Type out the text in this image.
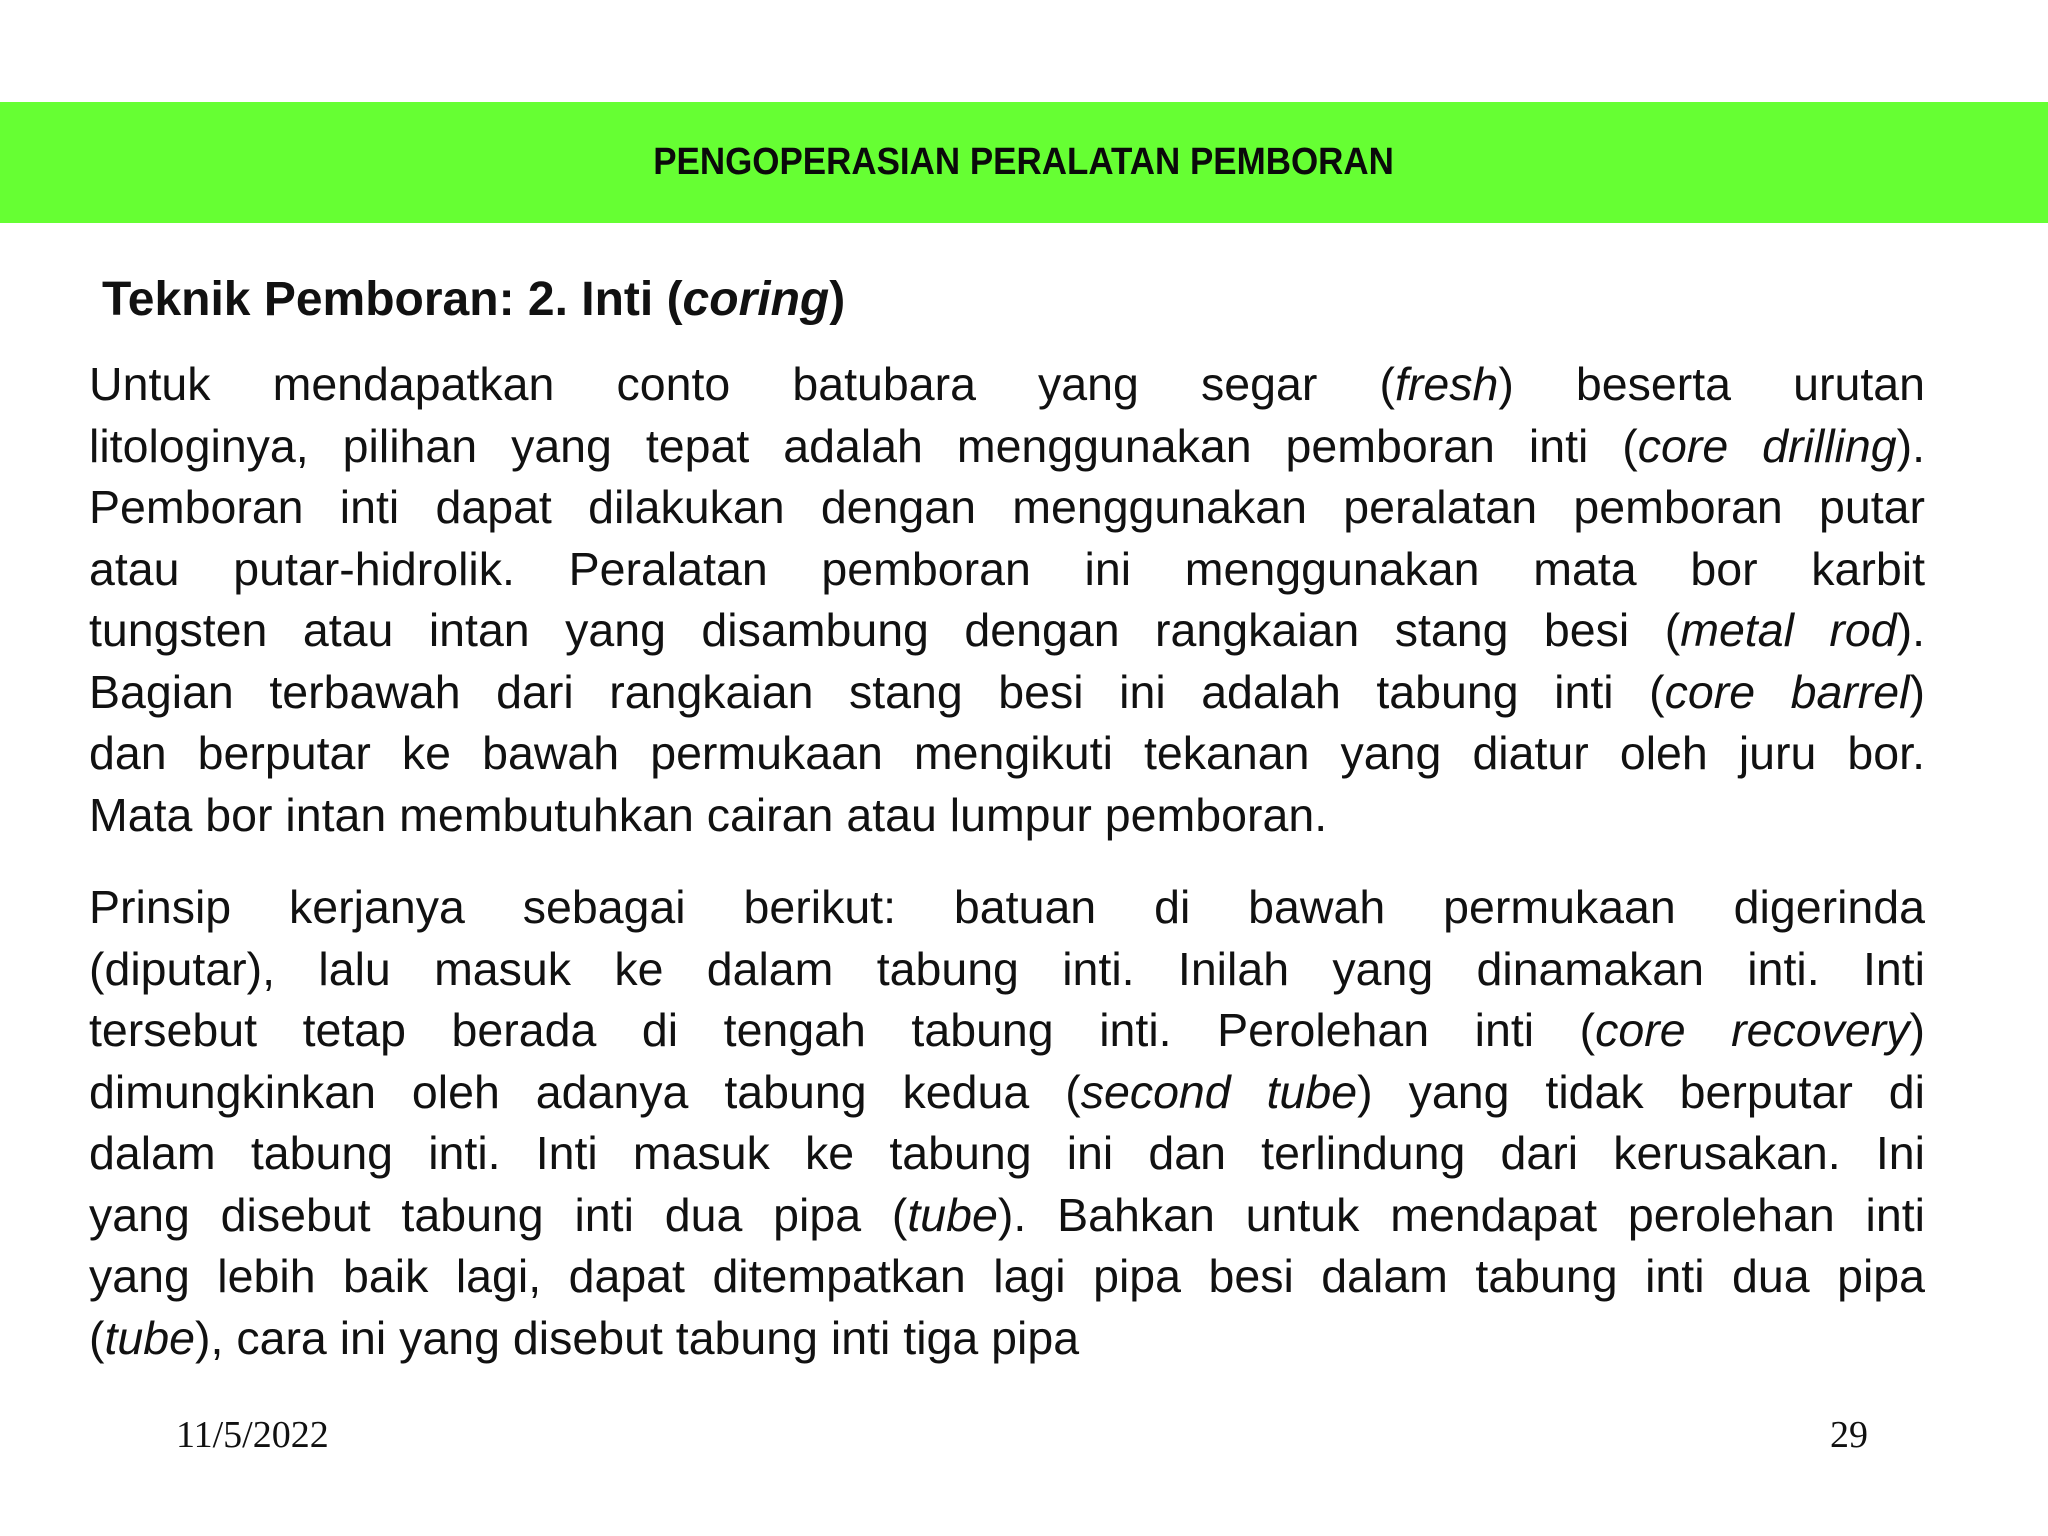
PENGOPERASIAN PERALATAN PEMBORAN
Teknik Pemboran: 2. Inti (coring)
Untuk mendapatkan conto batubara yang segar (fresh) beserta urutan
litologinya, pilihan yang tepat adalah menggunakan pemboran inti (core drilling).
Pemboran inti dapat dilakukan dengan menggunakan peralatan pemboran putar
atau putar-hidrolik. Peralatan pemboran ini menggunakan mata bor karbit
tungsten atau intan yang disambung dengan rangkaian stang besi (metal rod).
Bagian terbawah dari rangkaian stang besi ini adalah tabung inti (core barrel)
dan berputar ke bawah permukaan mengikuti tekanan yang diatur oleh juru bor.
Mata bor intan membutuhkan cairan atau lumpur pemboran.
Prinsip kerjanya sebagai berikut: batuan di bawah permukaan digerinda
(diputar), lalu masuk ke dalam tabung inti. Inilah yang dinamakan inti. Inti
tersebut tetap berada di tengah tabung inti. Perolehan inti (core recovery)
dimungkinkan oleh adanya tabung kedua (second tube) yang tidak berputar di
dalam tabung inti. Inti masuk ke tabung ini dan terlindung dari kerusakan. Ini
yang disebut tabung inti dua pipa (tube). Bahkan untuk mendapat perolehan inti
yang lebih baik lagi, dapat ditempatkan lagi pipa besi dalam tabung inti dua pipa
(tube), cara ini yang disebut tabung inti tiga pipa
11/5/2022	29
